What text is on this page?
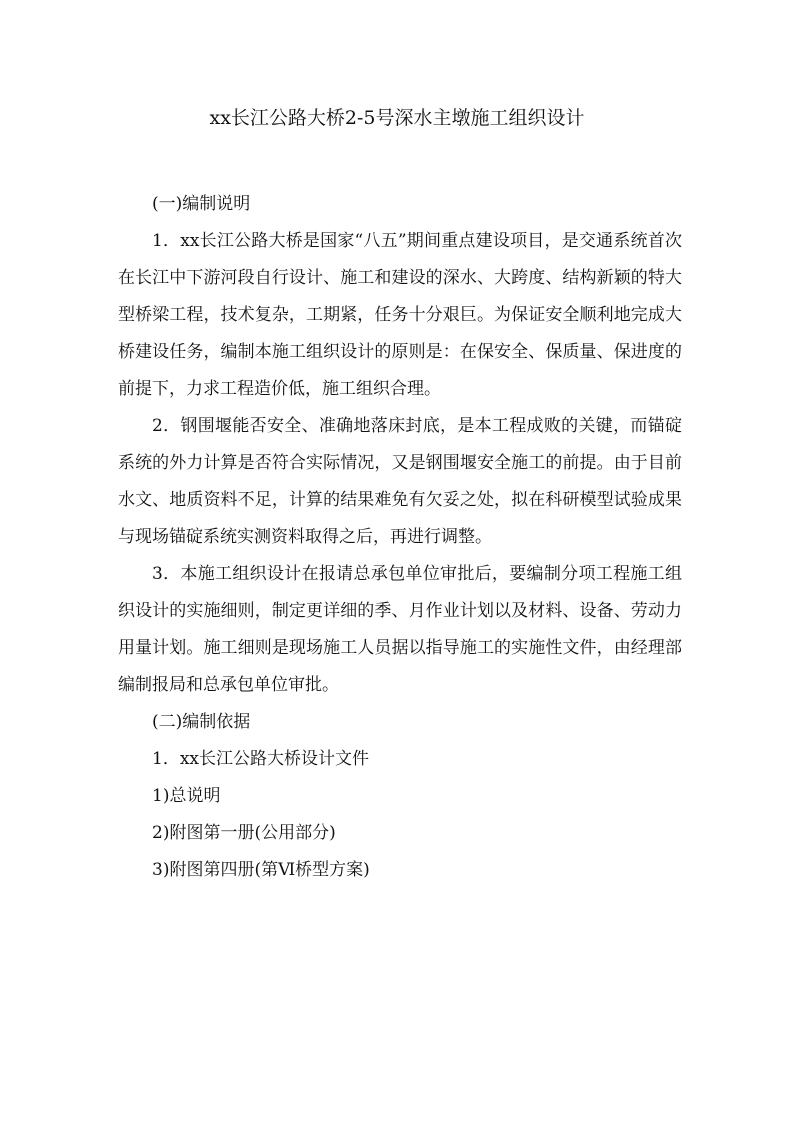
xx长江公路大桥2-5号深水主墩施工组织设计

(一)编制说明

1．xx长江公路大桥是国家“八五”期间重点建设项目，是交通系统首次在长江中下游河段自行设计、施工和建设的深水、大跨度、结构新颖的特大型桥梁工程，技术复杂，工期紧，任务十分艰巨。为保证安全顺利地完成大桥建设任务，编制本施工组织设计的原则是：在保安全、保质量、保进度的前提下，力求工程造价低，施工组织合理。

2．钢围堰能否安全、准确地落床封底，是本工程成败的关键，而锚碇系统的外力计算是否符合实际情况，又是钢围堰安全施工的前提。由于目前水文、地质资料不足，计算的结果难免有欠妥之处，拟在科研模型试验成果与现场锚碇系统实测资料取得之后，再进行调整。

3．本施工组织设计在报请总承包单位审批后，要编制分项工程施工组织设计的实施细则，制定更详细的季、月作业计划以及材料、设备、劳动力用量计划。施工细则是现场施工人员据以指导施工的实施性文件，由经理部编制报局和总承包单位审批。

(二)编制依据

1．xx长江公路大桥设计文件

1)总说明

2)附图第一册(公用部分)

3)附图第四册(第Ⅵ桥型方案)
